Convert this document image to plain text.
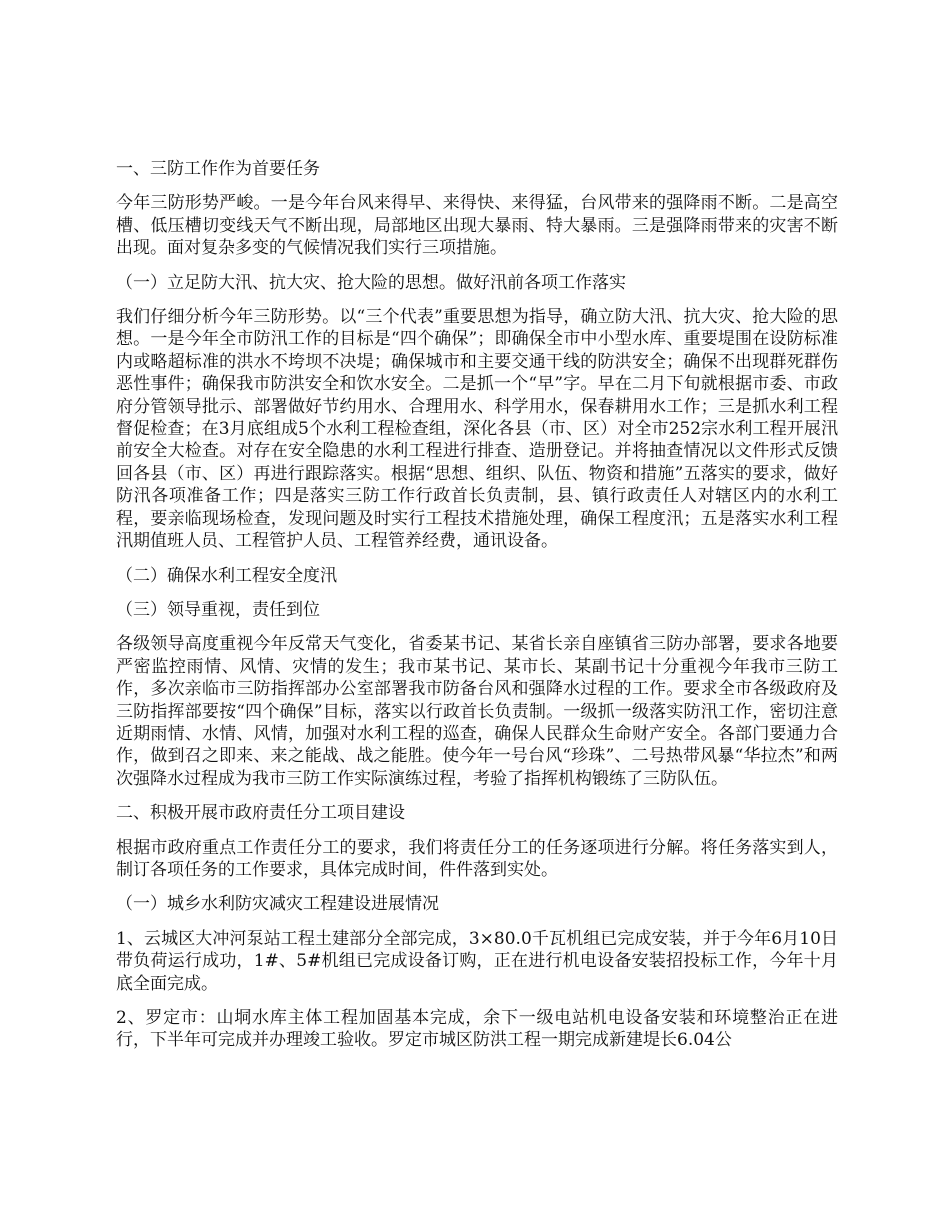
一、三防工作作为首要任务

今年三防形势严峻。一是今年台风来得早、来得快、来得猛，台风带来的强降雨不断。二是高空槽、低压槽切变线天气不断出现，局部地区出现大暴雨、特大暴雨。三是强降雨带来的灾害不断出现。面对复杂多变的气候情况我们实行三项措施。

（一）立足防大汛、抗大灾、抢大险的思想。做好汛前各项工作落实

我们仔细分析今年三防形势。以“三个代表”重要思想为指导，确立防大汛、抗大灾、抢大险的思想。一是今年全市防汛工作的目标是“四个确保”；即确保全市中小型水库、重要堤围在设防标准内或略超标准的洪水不垮坝不决堤；确保城市和主要交通干线的防洪安全；确保不出现群死群伤恶性事件；确保我市防洪安全和饮水安全。二是抓一个“早”字。早在二月下旬就根据市委、市政府分管领导批示、部署做好节约用水、合理用水、科学用水，保春耕用水工作；三是抓水利工程督促检查；在3月底组成5个水利工程检查组，深化各县（市、区）对全市252宗水利工程开展汛前安全大检查。对存在安全隐患的水利工程进行排查、造册登记。并将抽查情况以文件形式反馈回各县（市、区）再进行跟踪落实。根据“思想、组织、队伍、物资和措施”五落实的要求，做好防汛各项准备工作；四是落实三防工作行政首长负责制，县、镇行政责任人对辖区内的水利工程，要亲临现场检查，发现问题及时实行工程技术措施处理，确保工程度汛；五是落实水利工程汛期值班人员、工程管护人员、工程管养经费，通讯设备。

（二）确保水利工程安全度汛

（三）领导重视，责任到位

各级领导高度重视今年反常天气变化，省委某书记、某省长亲自座镇省三防办部署，要求各地要严密监控雨情、风情、灾情的发生；我市某书记、某市长、某副书记十分重视今年我市三防工作，多次亲临市三防指挥部办公室部署我市防备台风和强降水过程的工作。要求全市各级政府及三防指挥部要按“四个确保”目标，落实以行政首长负责制。一级抓一级落实防汛工作，密切注意近期雨情、水情、风情，加强对水利工程的巡查，确保人民群众生命财产安全。各部门要通力合作，做到召之即来、来之能战、战之能胜。使今年一号台风“珍珠”、二号热带风暴“华拉杰”和两次强降水过程成为我市三防工作实际演练过程，考验了指挥机构锻练了三防队伍。

二、积极开展市政府责任分工项目建设

根据市政府重点工作责任分工的要求，我们将责任分工的任务逐项进行分解。将任务落实到人，制订各项任务的工作要求，具体完成时间，件件落到实处。

（一）城乡水利防灾减灾工程建设进展情况

1、云城区大冲河泵站工程土建部分全部完成，3×80.0千瓦机组已完成安装，并于今年6月10日带负荷运行成功，1#、5#机组已完成设备订购，正在进行机电设备安装招投标工作，今年十月底全面完成。

2、罗定市：山垌水库主体工程加固基本完成，余下一级电站机电设备安装和环境整治正在进行，下半年可完成并办理竣工验收。罗定市城区防洪工程一期完成新建堤长6.04公
